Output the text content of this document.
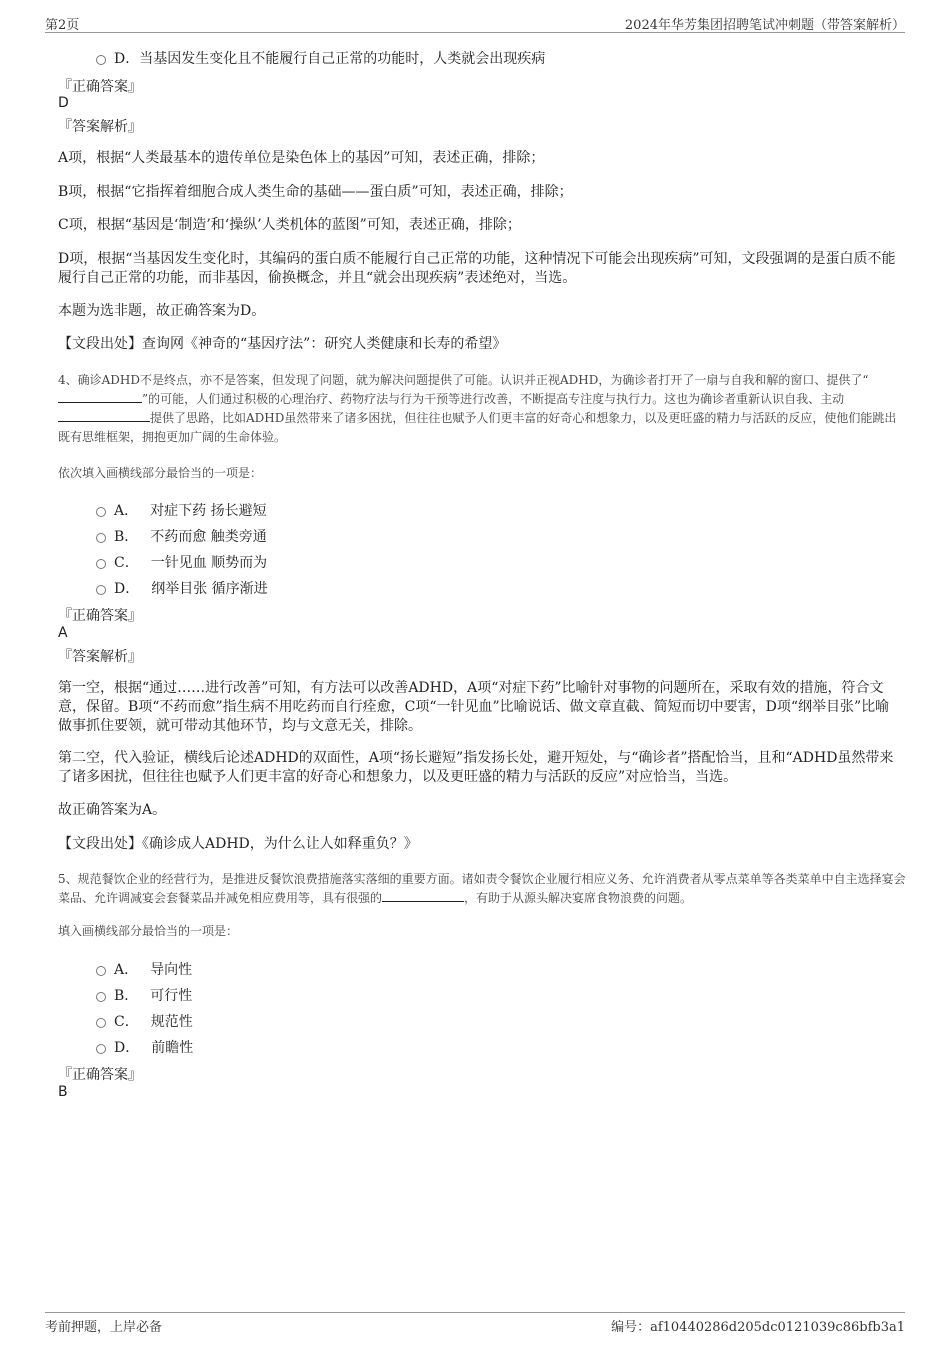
第2页	2024年华芳集团招聘笔试冲刺题（带答案解析）
D．当基因发生变化且不能履行自己正常的功能时，人类就会出现疾病
『正确答案』
D
『答案解析』
A项，根据“人类最基本的遗传单位是染色体上的基因”可知，表述正确，排除；
B项，根据“它指挥着细胞合成人类生命的基础——蛋白质”可知，表述正确，排除；
C项，根据“基因是‘制造’和‘操纵’人类机体的蓝图”可知，表述正确，排除；
D项，根据“当基因发生变化时，其编码的蛋白质不能履行自己正常的功能，这种情况下可能会出现疾病”可知，文段强调的是蛋白质不能履行自己正常的功能，而非基因，偷换概念，并且“就会出现疾病”表述绝对，当选。
本题为选非题，故正确答案为D。
【文段出处】查询网《神奇的“基因疗法”：研究人类健康和长寿的希望》
4、确诊ADHD不是终点，亦不是答案，但发现了问题，就为解决问题提供了可能。认识并正视ADHD，为确诊者打开了一扇与自我和解的窗口、提供了“”的可能，人们通过积极的心理治疗、药物疗法与行为干预等进行改善，不断提高专注度与执行力。这也为确诊者重新认识自我、主动提供了思路，比如ADHD虽然带来了诸多困扰，但往往也赋予人们更丰富的好奇心和想象力，以及更旺盛的精力与活跃的反应，使他们能跳出既有思维框架，拥抱更加广阔的生命体验。
依次填入画横线部分最恰当的一项是：
A． 对症下药 扬长避短
B． 不药而愈 触类旁通
C． 一针见血 顺势而为
D． 纲举目张 循序渐进
『正确答案』
A
『答案解析』
第一空，根据“通过……进行改善”可知，有方法可以改善ADHD，A项“对症下药”比喻针对事物的问题所在，采取有效的措施，符合文意，保留。B项“不药而愈”指生病不用吃药而自行痊愈，C项“一针见血”比喻说话、做文章直截、简短而切中要害，D项“纲举目张”比喻做事抓住要领，就可带动其他环节，均与文意无关，排除。
第二空，代入验证，横线后论述ADHD的双面性，A项“扬长避短”指发扬长处，避开短处，与“确诊者”搭配恰当，且和“ADHD虽然带来了诸多困扰，但往往也赋予人们更丰富的好奇心和想象力，以及更旺盛的精力与活跃的反应”对应恰当，当选。
故正确答案为A。
【文段出处】《确诊成人ADHD，为什么让人如释重负？》
5、规范餐饮企业的经营行为，是推进反餐饮浪费措施落实落细的重要方面。诸如责令餐饮企业履行相应义务、允许消费者从零点菜单等各类菜单中自主选择宴会菜品、允许调减宴会套餐菜品并减免相应费用等，具有很强的	，有助于从源头解决宴席食物浪费的问题。
填入画横线部分最恰当的一项是：
A． 导向性
B． 可行性
C． 规范性
D． 前瞻性
『正确答案』
B
考前押题，上岸必备	编号：af10440286d205dc0121039c86bfb3a1
